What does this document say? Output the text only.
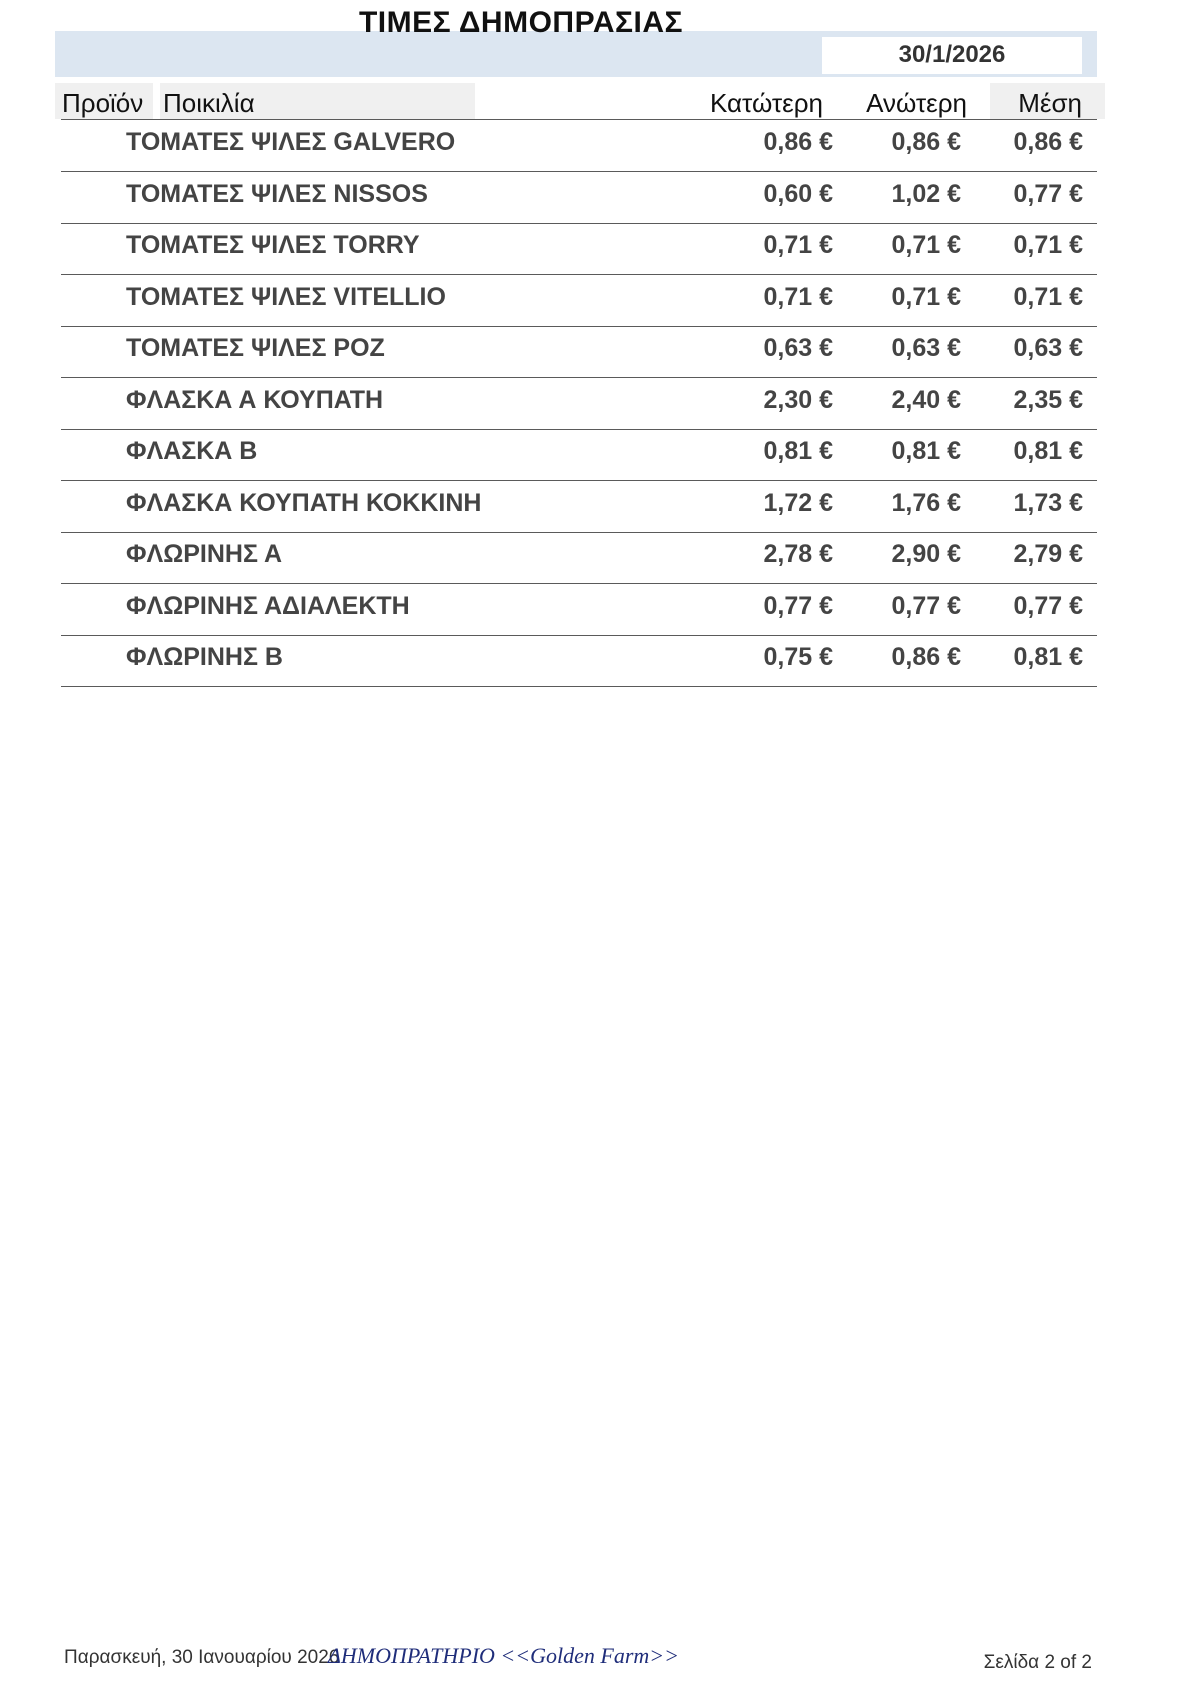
ΤΙΜΕΣ ΔΗΜΟΠΡΑΣΙΑΣ
30/1/2026
Προϊόν Ποικιλία	Κατώτερη	Ανώτερη	Μέση
ΤΟΜΑΤΕΣ ΨΙΛΕΣ GALVERO	0,86 €	0,86 €	0,86 €
ΤΟΜΑΤΕΣ ΨΙΛΕΣ NISSOS	0,60 €	1,02 €	0,77 €
ΤΟΜΑΤΕΣ ΨΙΛΕΣ TORRY	0,71 €	0,71 €	0,71 €
ΤΟΜΑΤΕΣ ΨΙΛΕΣ VITELLIO	0,71 €	0,71 €	0,71 €
ΤΟΜΑΤΕΣ ΨΙΛΕΣ ΡΟΖ	0,63 €	0,63 €	0,63 €
ΦΛΑΣΚΑ Α ΚΟΥΠΑΤΗ	2,30 €	2,40 €	2,35 €
ΦΛΑΣΚΑ Β	0,81 €	0,81 €	0,81 €
ΦΛΑΣΚΑ ΚΟΥΠΑΤΗ ΚΟΚΚΙΝΗ	1,72 €	1,76 €	1,73 €
ΦΛΩΡΙΝΗΣ Α	2,78 €	2,90 €	2,79 €
ΦΛΩΡΙΝΗΣ ΑΔΙΑΛΕΚΤΗ	0,77 €	0,77 €	0,77 €
ΦΛΩΡΙΝΗΣ Β	0,75 €	0,86 €	0,81 €
Παρασκευή, 30 Ιανουαρίου 2026
ΔΗΜΟΠΡΑΤΗΡΙΟ <<Golden Farm>>	Σελίδα 2 of 2
